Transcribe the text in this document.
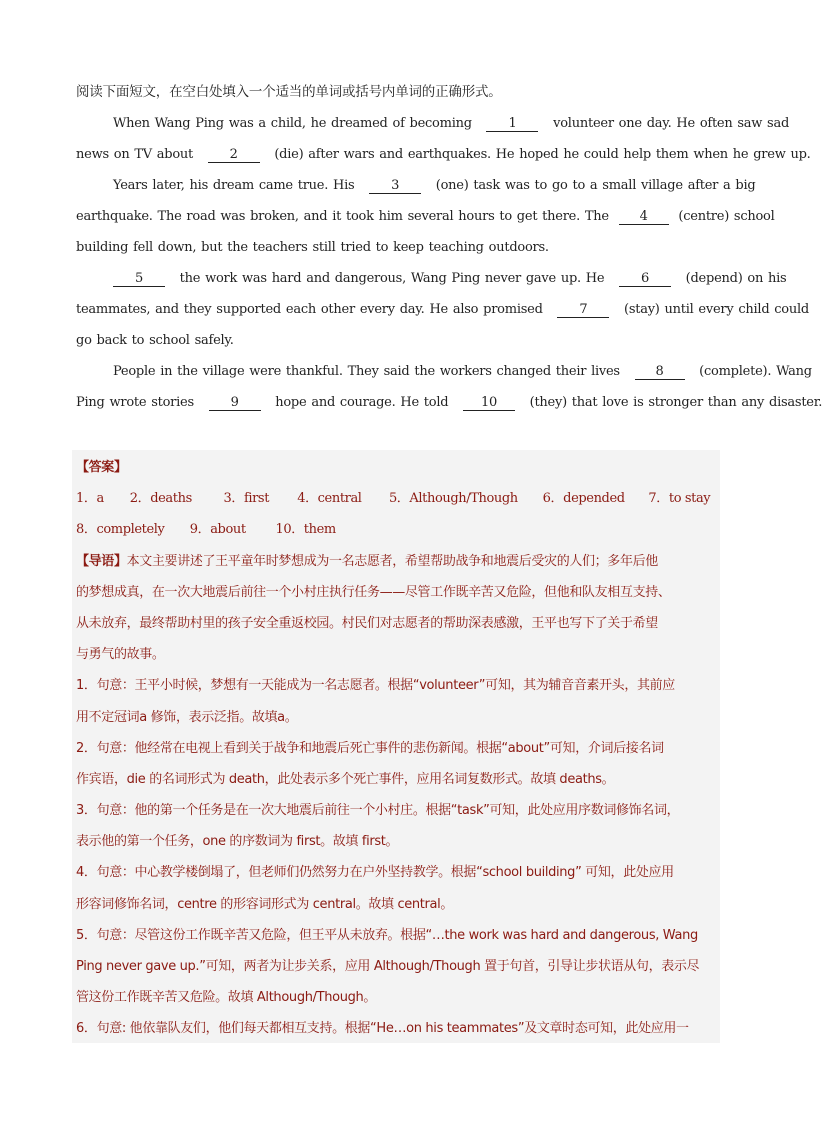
阅读下面短文，在空白处填入一个适当的单词或括号内单词的正确形式。
When Wang Ping was a child, he dreamed of becoming	1	volunteer one day. He often saw sad
news on TV about	2	(die) after wars and earthquakes. He hoped he could help them when he grew up.
Years later, his dream came true. His	3	(one) task was to go to a small village after a big
earthquake. The road was broken, and it took him several hours to get there. The 4 (centre) school
building fell down, but the teachers still tried to keep teaching outdoors.
5	the work was hard and dangerous, Wang Ping never gave up. He	6	(depend) on his
teammates, and they supported each other every day. He also promised	7	(stay) until every child could
go back to school safely.
People in the village were thankful. They said the workers changed their lives	8	(complete). Wang
Ping wrote stories	9	hope and courage. He told	10	(they) that love is stronger than any disaster.
【答案】
1．a 2．deaths 3．first 4．central 5．Although/Though 6．depended 7．to stay
8．completely 9．about 10．them
【导语】本文主要讲述了王平童年时梦想成为一名志愿者，希望帮助战争和地震后受灾的人们；多年后他
的梦想成真，在一次大地震后前往一个小村庄执行任务——尽管工作既辛苦又危险，但他和队友相互支持、
从未放弃，最终帮助村里的孩子安全重返校园。村民们对志愿者的帮助深表感激，王平也写下了关于希望
与勇气的故事。
1．句意：王平小时候，梦想有一天能成为一名志愿者。根据“volunteer”可知，其为辅音音素开头，其前应
用不定冠词a 修饰，表示泛指。故填a。
2．句意：他经常在电视上看到关于战争和地震后死亡事件的悲伤新闻。根据“about”可知，介词后接名词
作宾语，die 的名词形式为 death，此处表示多个死亡事件，应用名词复数形式。故填 deaths。
3．句意：他的第一个任务是在一次大地震后前往一个小村庄。根据“task”可知，此处应用序数词修饰名词，
表示他的第一个任务，one 的序数词为 first。故填 first。
4．句意：中心教学楼倒塌了，但老师们仍然努力在户外坚持教学。根据“school building” 可知，此处应用
形容词修饰名词，centre 的形容词形式为 central。故填 central。
5．句意：尽管这份工作既辛苦又危险，但王平从未放弃。根据“…the work was hard and dangerous, Wang
Ping never gave up.”可知，两者为让步关系，应用 Although/Though 置于句首，引导让步状语从句，表示尽
管这份工作既辛苦又危险。故填 Although/Though。
6．句意: 他依靠队友们，他们每天都相互支持。根据“He…on his teammates”及文章时态可知，此处应用一
